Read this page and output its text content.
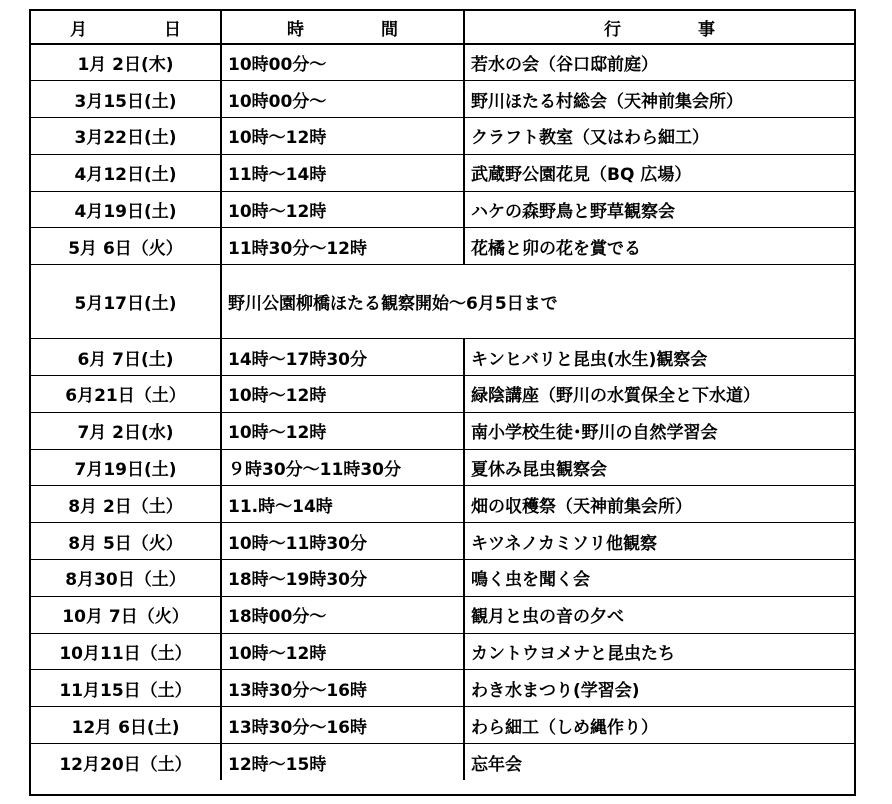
月　日	時　間	行　事
1月 2日(木)	10時00分～	若水の会（谷口邸前庭）
3月15日(土)	10時00分～	野川ほたる村総会（天神前集会所）
3月22日(土)	10時～12時	クラフト教室（又はわら細工）
4月12日(土)	11時～14時	武蔵野公園花見（BQ 広場）
4月19日(土)	10時～12時	ハケの森野鳥と野草観察会
5月 6日（火）	11時30分～12時	花橘と卯の花を賞でる
5月17日(土)	野川公園柳橋ほたる観察開始～6月5日まで	
6月 7日(土)	14時～17時30分	キンヒバリと昆虫(水生)観察会
6月21日（土）	10時～12時	緑陰講座（野川の水質保全と下水道）
7月 2日(水)	10時～12時	南小学校生徒･野川の自然学習会
7月19日(土)	９時30分～11時30分	夏休み昆虫観察会
8月 2日（土）	11.時～14時	畑の収穫祭（天神前集会所）
8月 5日（火）	10時～11時30分	キツネノカミソリ他観察
8月30日（土）	18時～19時30分	鳴く虫を聞く会
10月 7日（火）	18時00分～	観月と虫の音の夕べ
10月11日（土）	10時～12時	カントウヨメナと昆虫たち
11月15日（土）	13時30分～16時	わき水まつり(学習会)
12月 6日(土)	13時30分～16時	わら細工（しめ縄作り）
12月20日（土）	12時～15時	忘年会
